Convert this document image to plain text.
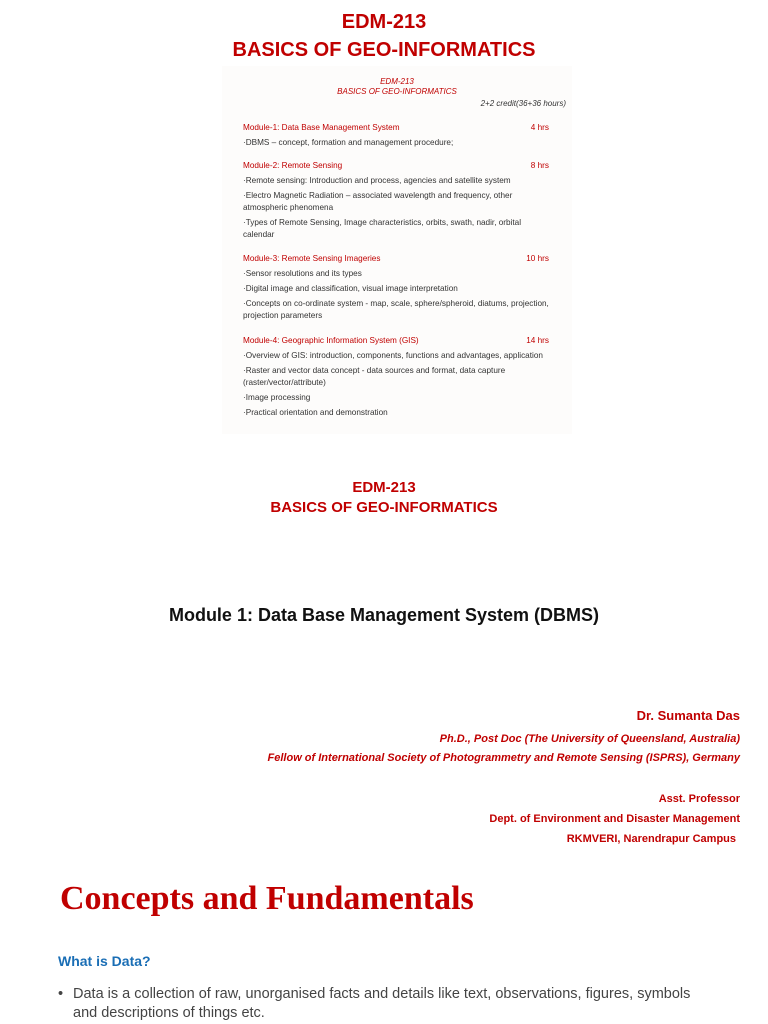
EDM-213
BASICS OF GEO-INFORMATICS
EDM-213
BASICS OF GEO-INFORMATICS
2+2 credit(36+36 hours)
Module-1: Data Base Management System	4 hrs
· DBMS – concept, formation and management procedure;
Module-2: Remote Sensing	8 hrs
· Remote sensing: Introduction and process, agencies and satellite system
· Electro Magnetic Radiation – associated wavelength and frequency, other atmospheric phenomena
· Types of Remote Sensing, Image characteristics, orbits, swath, nadir, orbital calendar
Module-3: Remote Sensing Imageries	10 hrs
· Sensor resolutions and its types
· Digital image and classification, visual image interpretation
· Concepts on co-ordinate system - map, scale, sphere/spheroid, diatums, projection, projection parameters
Module-4: Geographic Information System (GIS)	14 hrs
· Overview of GIS: introduction, components, functions and advantages, application
· Raster and vector data concept - data sources and format, data capture (raster/vector/attribute)
· Image processing
· Practical orientation and demonstration
EDM-213
BASICS OF GEO-INFORMATICS
Module 1: Data Base Management System (DBMS)
Dr. Sumanta Das
Ph.D., Post Doc (The University of Queensland, Australia)
Fellow of International Society of Photogrammetry and Remote Sensing (ISPRS), Germany
Asst. Professor
Dept. of Environment and Disaster Management
RKMVERI, Narendrapur Campus
Concepts and Fundamentals
What is Data?
• Data is a collection of raw, unorganised facts and details like text, observations, figures, symbols and descriptions of things etc.
